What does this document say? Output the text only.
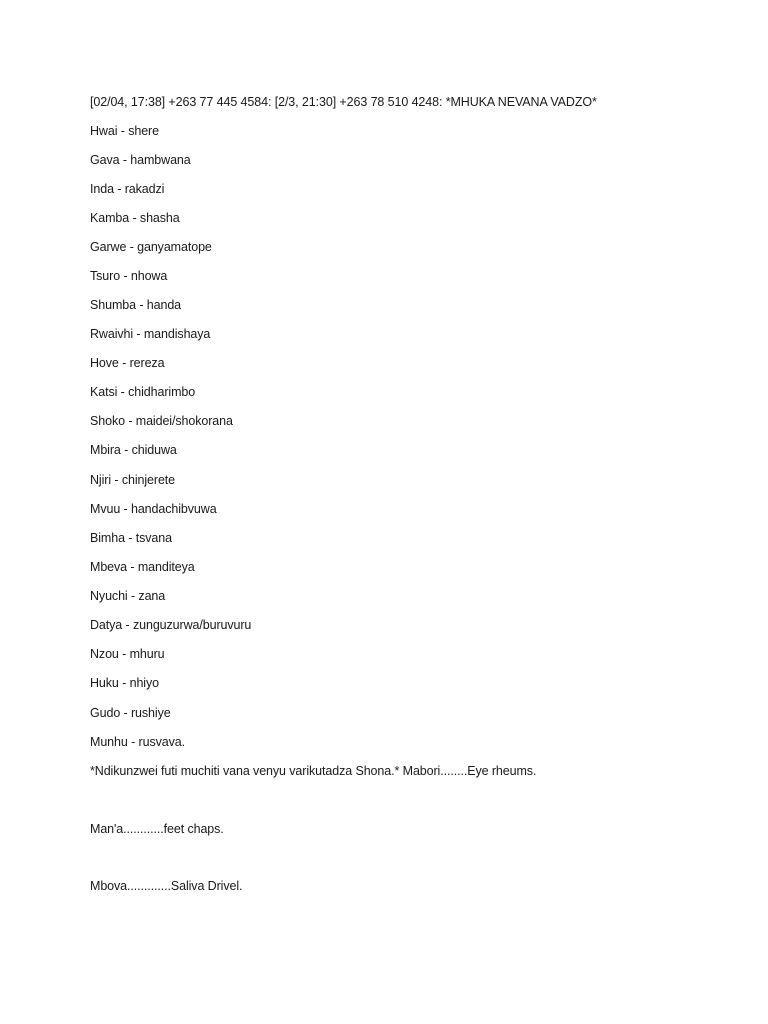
[02/04, 17:38] +263 77 445 4584: [2/3, 21:30] +263 78 510 4248: *MHUKA NEVANA VADZO*
Hwai - shere
Gava - hambwana
Inda - rakadzi
Kamba - shasha
Garwe - ganyamatope
Tsuro - nhowa
Shumba - handa
Rwaivhi - mandishaya
Hove - rereza
Katsi - chidharimbo
Shoko - maidei/shokorana
Mbira - chiduwa
Njiri - chinjerete
Mvuu - handachibvuwa
Bimha - tsvana
Mbeva - manditeya
Nyuchi - zana
Datya - zunguzurwa/buruvuru
Nzou - mhuru
Huku - nhiyo
Gudo - rushiye
Munhu - rusvava.
*Ndikunzwei futi muchiti vana venyu varikutadza Shona.* Mabori........Eye rheums.
Man'a............feet chaps.
Mbova.............Saliva Drivel.
